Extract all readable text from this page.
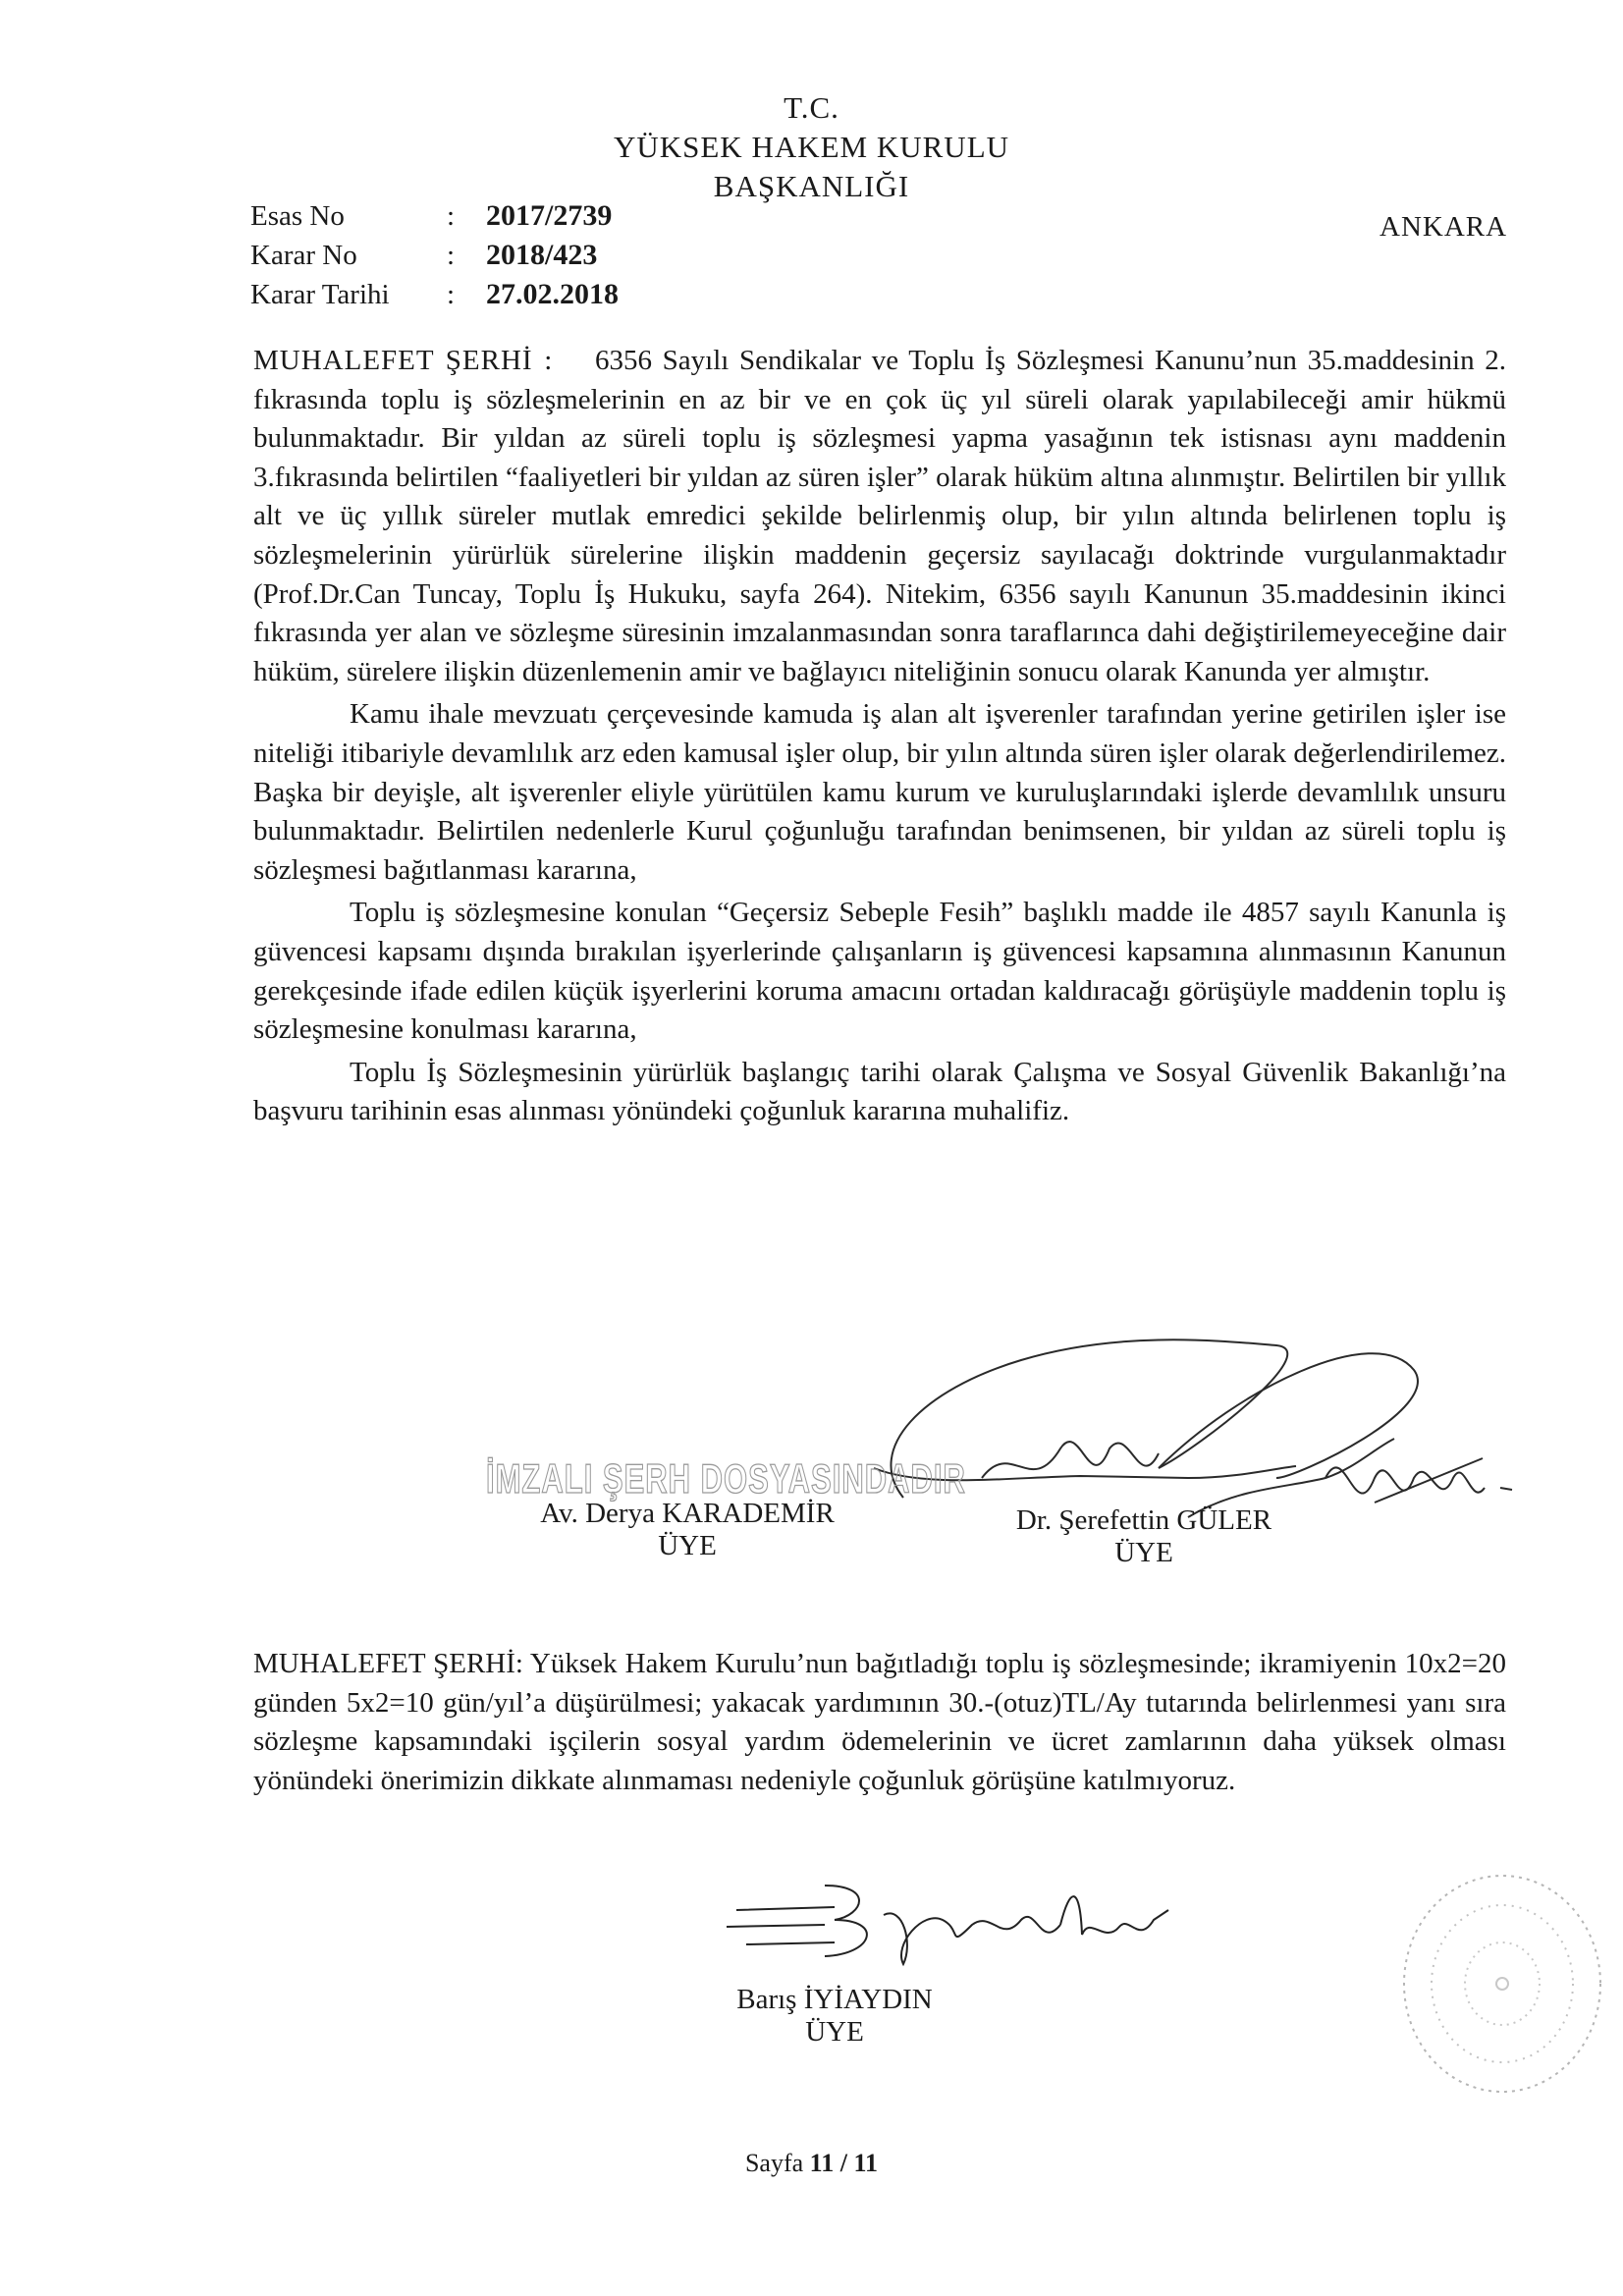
T.C.
YÜKSEK HAKEM KURULU
BAŞKANLIĞI
Esas No	:	2017/2739
Karar No	:	2018/423
Karar Tarihi	:	27.02.2018
ANKARA

MUHALEFET ŞERHİ : 6356 Sayılı Sendikalar ve Toplu İş Sözleşmesi Kanunu’nun 35.maddesinin 2. fıkrasında toplu iş sözleşmelerinin en az bir ve en çok üç yıl süreli olarak yapılabileceği amir hükmü bulunmaktadır. Bir yıldan az süreli toplu iş sözleşmesi yapma yasağının tek istisnası aynı maddenin 3.fıkrasında belirtilen “faaliyetleri bir yıldan az süren işler” olarak hüküm altına alınmıştır. Belirtilen bir yıllık alt ve üç yıllık süreler mutlak emredici şekilde belirlenmiş olup, bir yılın altında belirlenen toplu iş sözleşmelerinin yürürlük sürelerine ilişkin maddenin geçersiz sayılacağı doktrinde vurgulanmaktadır (Prof.Dr.Can Tuncay, Toplu İş Hukuku, sayfa 264). Nitekim, 6356 sayılı Kanunun 35.maddesinin ikinci fıkrasında yer alan ve sözleşme süresinin imzalanmasından sonra taraflarınca dahi değiştirilemeyeceğine dair hüküm, sürelere ilişkin düzenlemenin amir ve bağlayıcı niteliğinin sonucu olarak Kanunda yer almıştır.

Kamu ihale mevzuatı çerçevesinde kamuda iş alan alt işverenler tarafından yerine getirilen işler ise niteliği itibariyle devamlılık arz eden kamusal işler olup, bir yılın altında süren işler olarak değerlendirilemez. Başka bir deyişle, alt işverenler eliyle yürütülen kamu kurum ve kuruluşlarındaki işlerde devamlılık unsuru bulunmaktadır. Belirtilen nedenlerle Kurul çoğunluğu tarafından benimsenen, bir yıldan az süreli toplu iş sözleşmesi bağıtlanması kararına,

Toplu iş sözleşmesine konulan “Geçersiz Sebeple Fesih” başlıklı madde ile 4857 sayılı Kanunla iş güvencesi kapsamı dışında bırakılan işyerlerinde çalışanların iş güvencesi kapsamına alınmasının Kanunun gerekçesinde ifade edilen küçük işyerlerini koruma amacını ortadan kaldıracağı görüşüyle maddenin toplu iş sözleşmesine konulması kararına,

Toplu İş Sözleşmesinin yürürlük başlangıç tarihi olarak Çalışma ve Sosyal Güvenlik Bakanlığı’na başvuru tarihinin esas alınması yönündeki çoğunluk kararına muhalifiz.

İMZALI ŞERH DOSYASINDADIR
Av. Derya KARADEMİR
ÜYE
Dr. Şerefettin GÜLER
ÜYE

MUHALEFET ŞERHİ: Yüksek Hakem Kurulu’nun bağıtladığı toplu iş sözleşmesinde; ikramiyenin 10x2=20 günden 5x2=10 gün/yıl’a düşürülmesi; yakacak yardımının 30.-(otuz)TL/Ay tutarında belirlenmesi yanı sıra sözleşme kapsamındaki işçilerin sosyal yardım ödemelerinin ve ücret zamlarının daha yüksek olması yönündeki önerimizin dikkate alınmaması nedeniyle çoğunluk görüşüne katılmıyoruz.

Barış İYİAYDIN
ÜYE
Sayfa 11 / 11
